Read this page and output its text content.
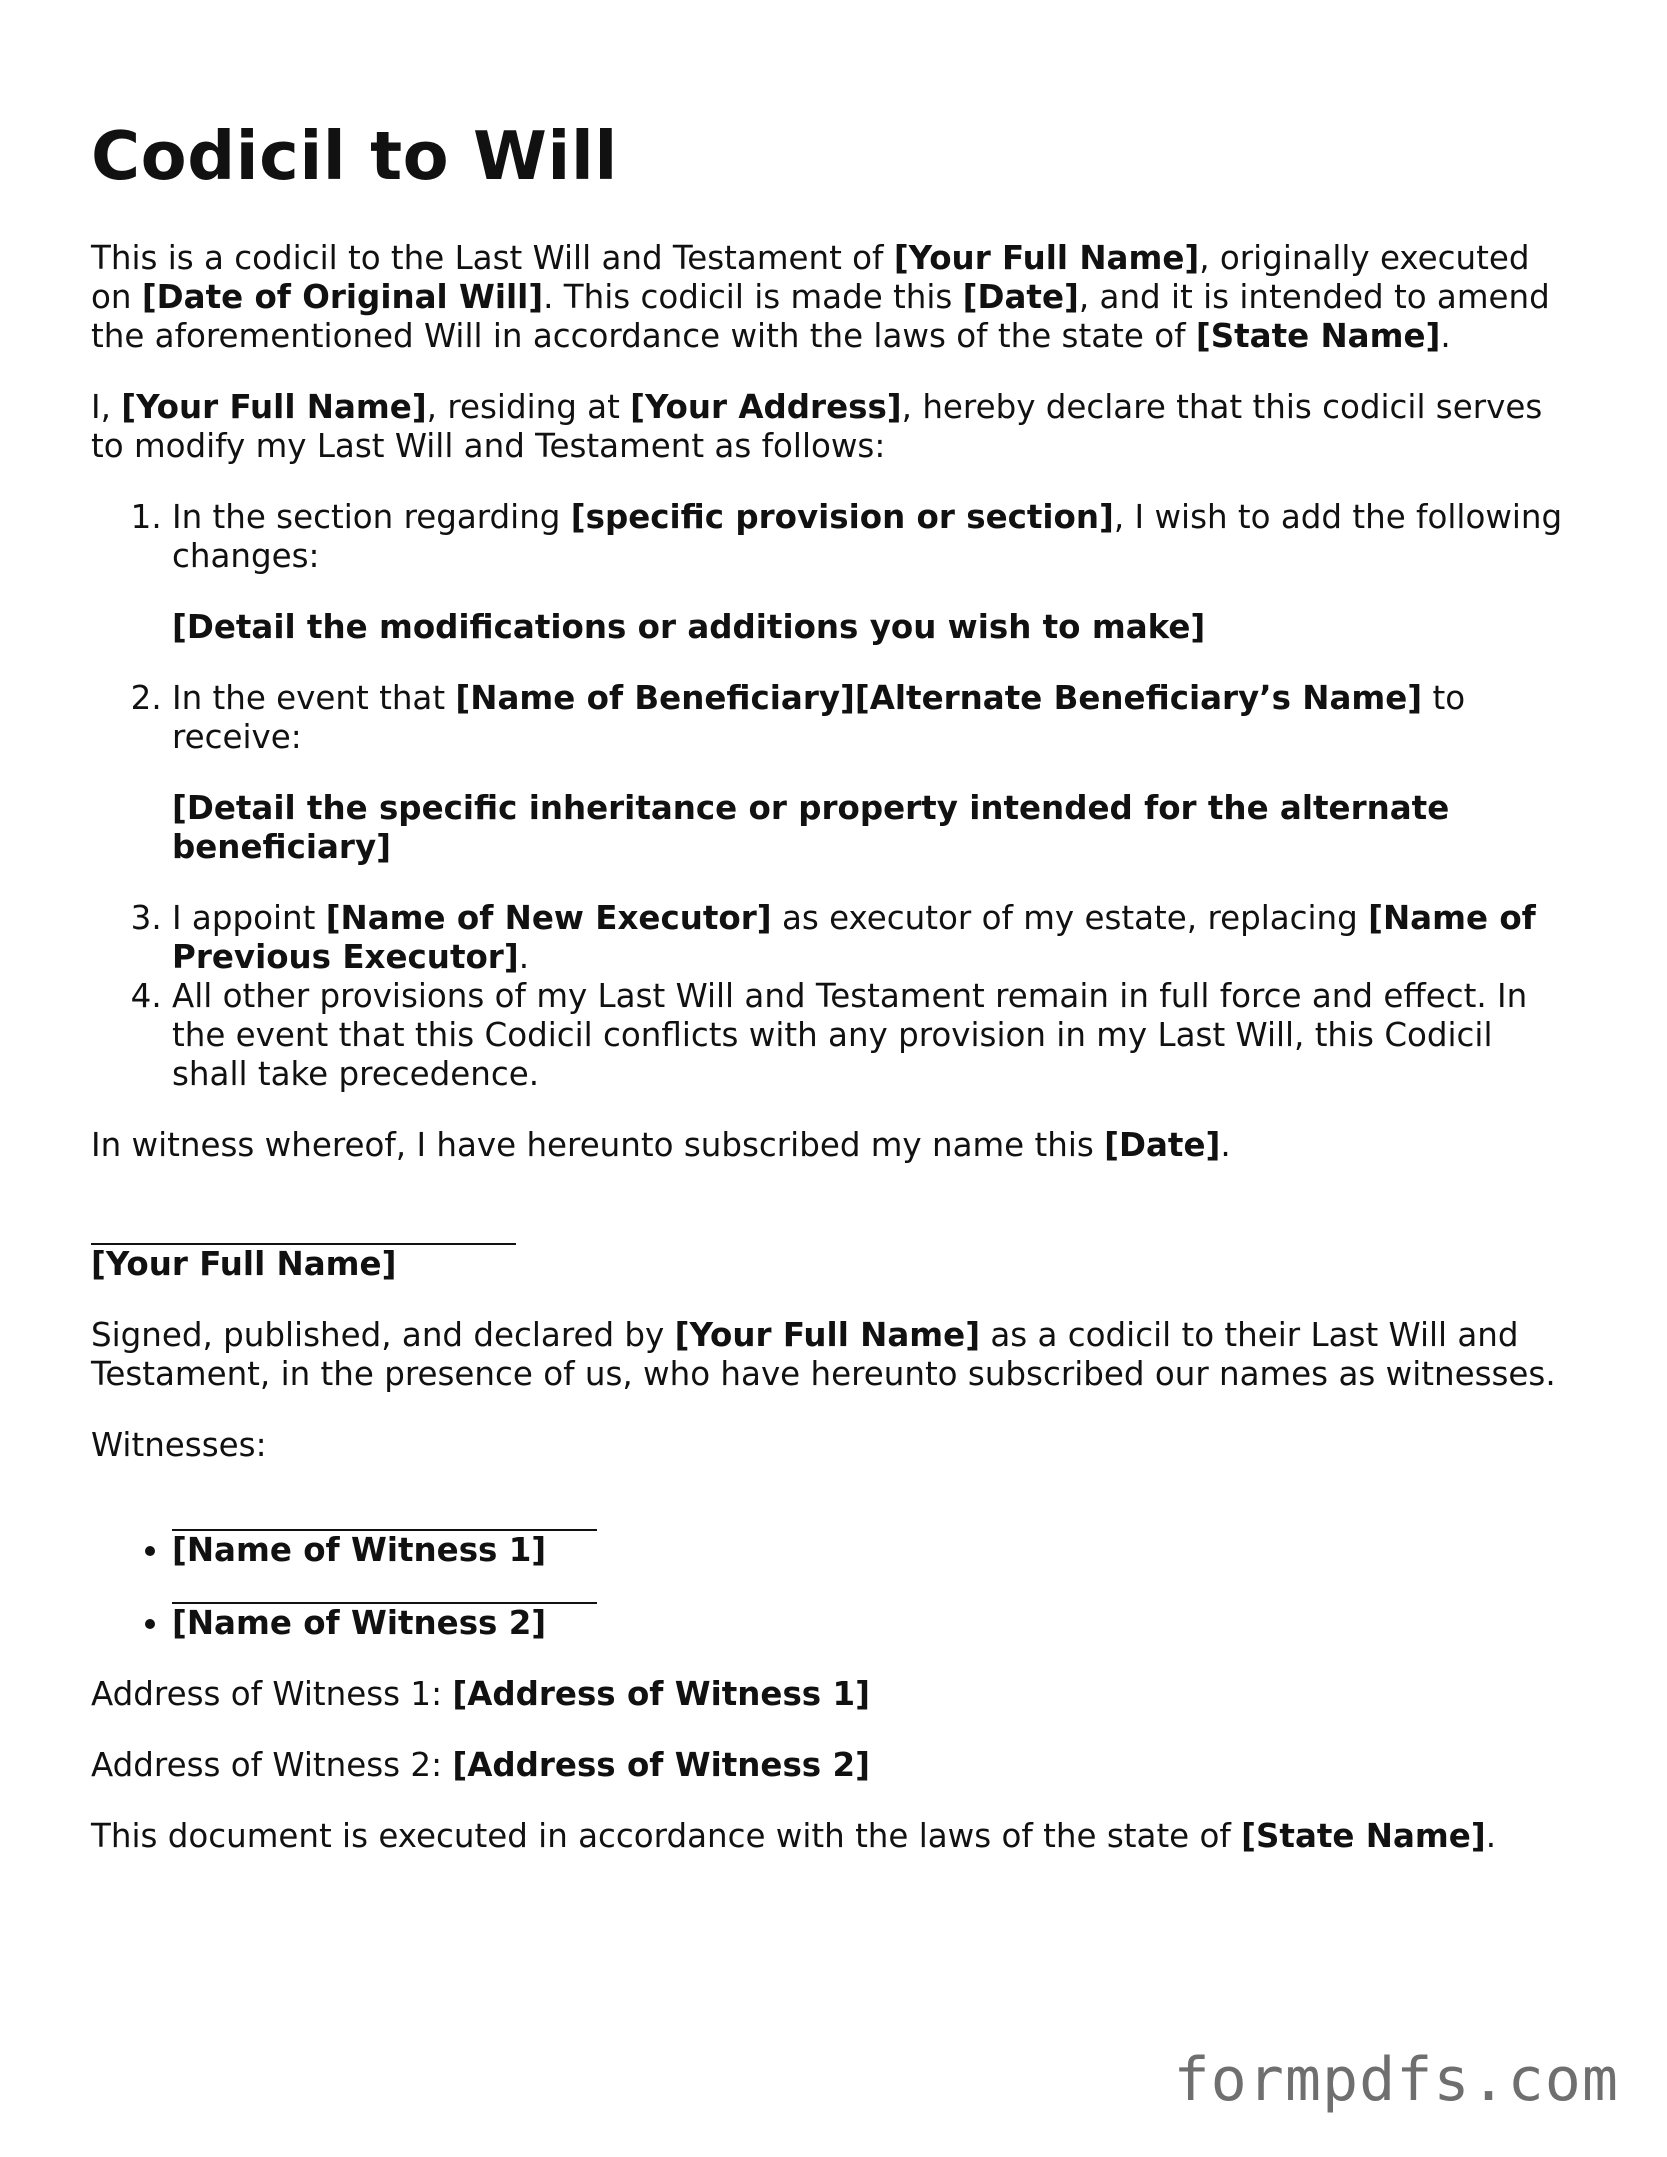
Codicil to Will

This is a codicil to the Last Will and Testament of [Your Full Name], originally executed on [Date of Original Will]. This codicil is made this [Date], and it is intended to amend the aforementioned Will in accordance with the laws of the state of [State Name].

I, [Your Full Name], residing at [Your Address], hereby declare that this codicil serves to modify my Last Will and Testament as follows:

1. In the section regarding [specific provision or section], I wish to add the following changes:

[Detail the modifications or additions you wish to make]

2. In the event that [Name of Beneficiary][Alternate Beneficiary’s Name] to receive:

[Detail the specific inheritance or property intended for the alternate beneficiary]

3. I appoint [Name of New Executor] as executor of my estate, replacing [Name of Previous Executor].

4. All other provisions of my Last Will and Testament remain in full force and effect. In the event that this Codicil conflicts with any provision in my Last Will, this Codicil shall take precedence.

In witness whereof, I have hereunto subscribed my name this [Date].

[Your Full Name]

Signed, published, and declared by [Your Full Name] as a codicil to their Last Will and Testament, in the presence of us, who have hereunto subscribed our names as witnesses.

Witnesses:

• [Name of Witness 1]
• [Name of Witness 2]

Address of Witness 1: [Address of Witness 1]

Address of Witness 2: [Address of Witness 2]

This document is executed in accordance with the laws of the state of [State Name].

formpdfs.com
